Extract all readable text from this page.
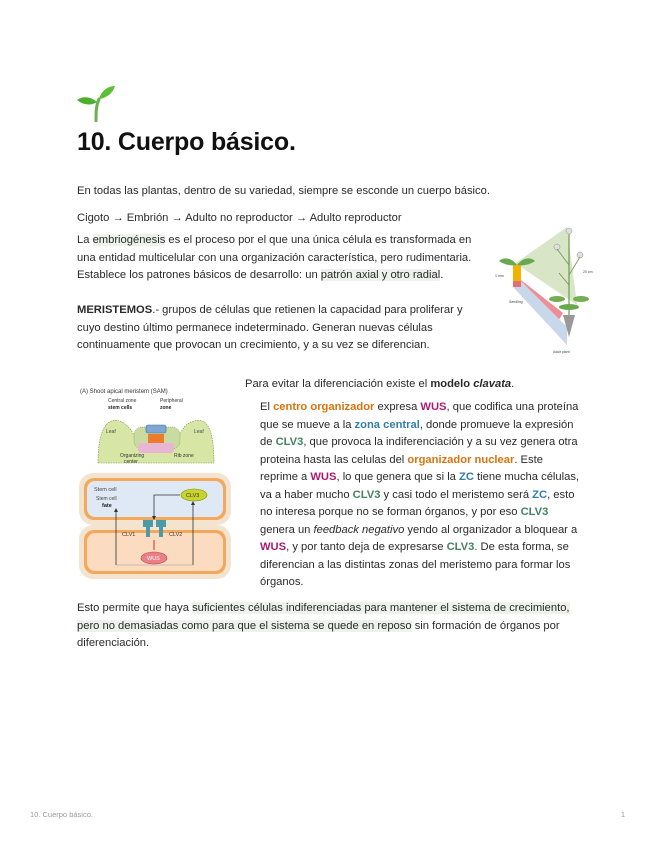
10. Cuerpo básico.
En todas las plantas, dentro de su variedad, siempre se esconde un cuerpo básico.
Cigoto → Embrión → Adulto no reproductor → Adulto reproductor
La embriogénesis es el proceso por el que una única célula es transformada en una entidad multicelular con una organización característica, pero rudimentaria. Establece los patrones básicos de desarrollo: un patrón axial y otro radial.
MERISTEMOS.- grupos de células que retienen la capacidad para proliferar y cuyo destino último permanece indeterminado. Generan nuevas células continuamente que provocan un crecimiento, y a su vez se diferencian.
1 mm
20 cm
Seedling
Adult plant
(A) Shoot apical meristem (SAM)
Central zone
stem cells
Peripheral
zone
Leaf	Leaf
Organizing
center
Rib zone
Stem cell
Stem cell
fate
CLV3
CLV1	CLV2
WUS
Para evitar la diferenciación existe el modelo clavata.
El centro organizador expresa WUS, que codifica una proteína que se mueve a la zona central, donde promueve la expresión de CLV3, que provoca la indiferenciación y a su vez genera otra proteina hasta las celulas del organizador nuclear. Este reprime a WUS, lo que genera que si la ZC tiene mucha células, va a haber mucho CLV3 y casi todo el meristemo será ZC, esto no interesa porque no se forman órganos, y por eso CLV3 genera un feedback negativo yendo al organizador a bloquear a WUS, y por tanto deja de expresarse CLV3. De esta forma, se diferencian a las distintas zonas del meristemo para formar los órganos.
Esto permite que haya suficientes células indiferenciadas para mantener el sistema de crecimiento, pero no demasiadas como para que el sistema se quede en reposo sin formación de órganos por diferenciación.
10. Cuerpo básico.	1
